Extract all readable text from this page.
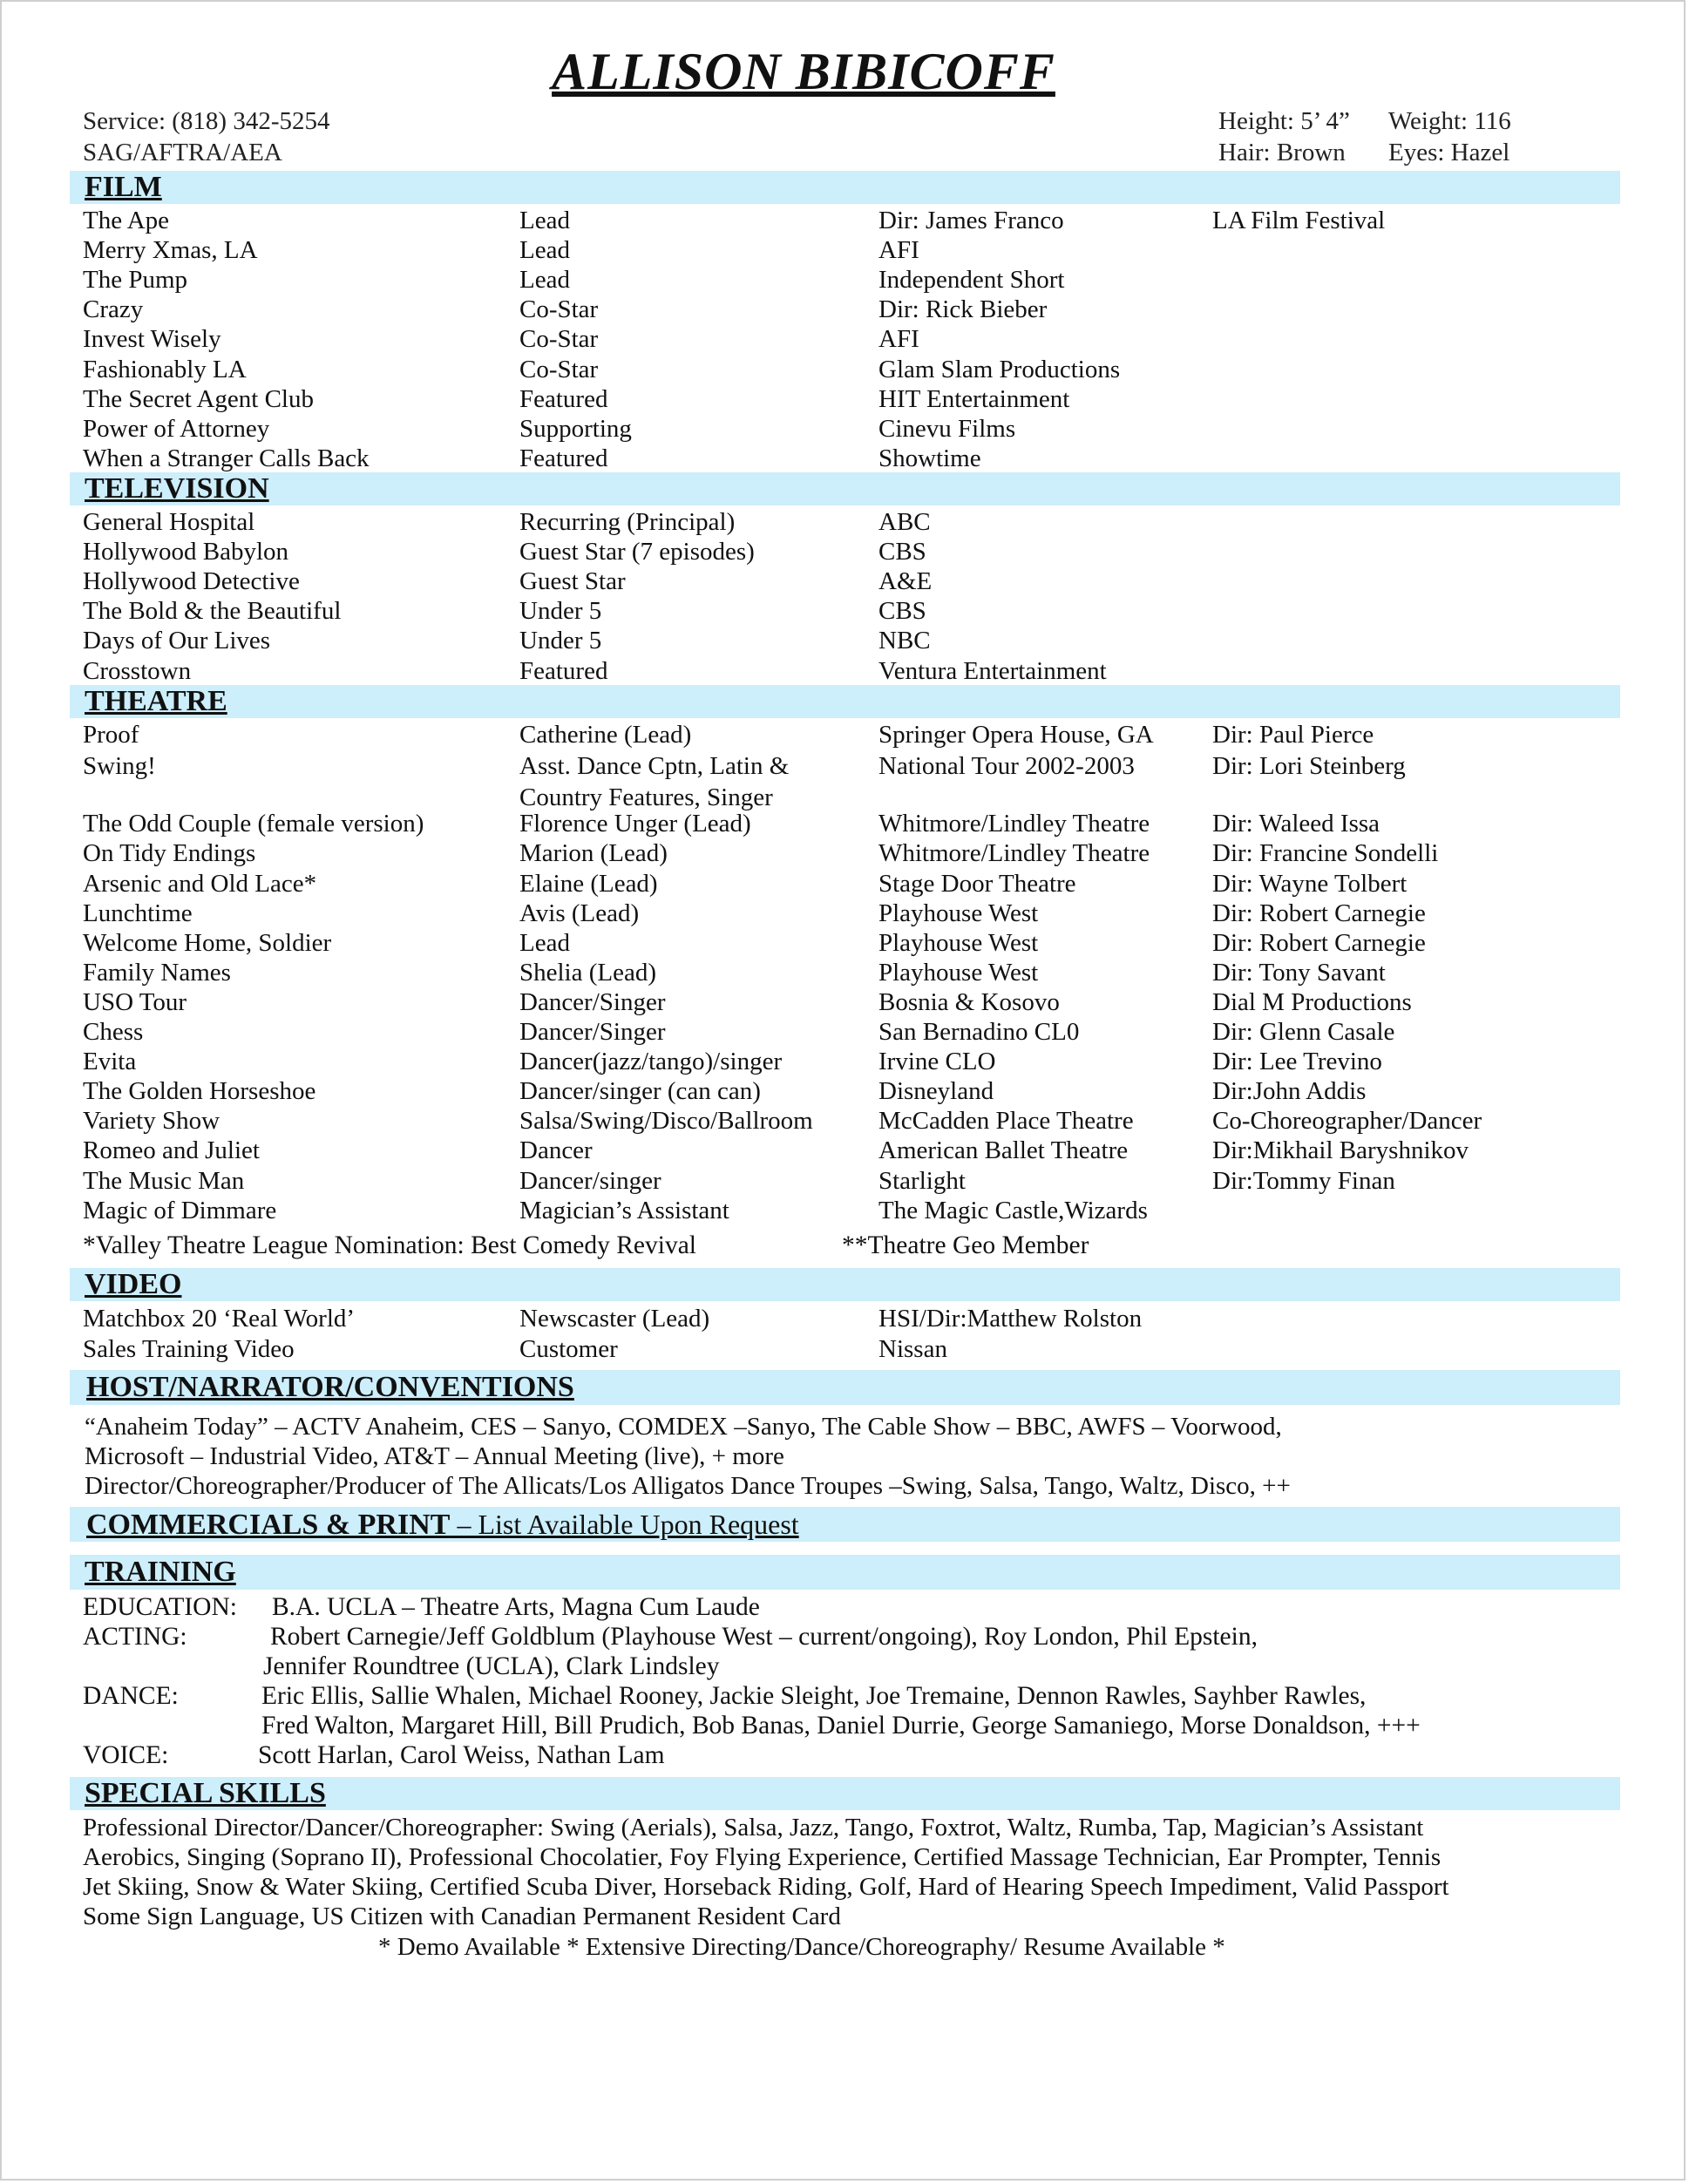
ALLISON BIBICOFF
Service: (818) 342-5254
SAG/AFTRA/AEA
Height: 5’ 4” Weight: 116
Hair: Brown Eyes: Hazel
FILM
The Ape	Lead	Dir: James Franco	LA Film Festival
Merry Xmas, LA	Lead	AFI
The Pump	Lead	Independent Short
Crazy	Co-Star	Dir: Rick Bieber
Invest Wisely	Co-Star	AFI
Fashionably LA	Co-Star	Glam Slam Productions
The Secret Agent Club	Featured	HIT Entertainment
Power of Attorney	Supporting	Cinevu Films
When a Stranger Calls Back	Featured	Showtime
TELEVISION
General Hospital	Recurring (Principal)	ABC
Hollywood Babylon	Guest Star (7 episodes)	CBS
Hollywood Detective	Guest Star	A&E
The Bold & the Beautiful	Under 5	CBS
Days of Our Lives	Under 5	NBC
Crosstown	Featured	Ventura Entertainment
THEATRE
Proof	Catherine (Lead)	Springer Opera House, GA Dir: Paul Pierce
Swing!	Asst. Dance Cptn, Latin &	National Tour 2002-2003	Dir: Lori Steinberg
Country Features, Singer
The Odd Couple (female version)	Florence Unger (Lead)	Whitmore/Lindley Theatre Dir: Waleed Issa
On Tidy Endings	Marion (Lead)	Whitmore/Lindley Theatre Dir: Francine Sondelli
Arsenic and Old Lace*	Elaine (Lead)	Stage Door Theatre	Dir: Wayne Tolbert
Lunchtime	Avis (Lead)	Playhouse West	Dir: Robert Carnegie
Welcome Home, Soldier	Lead	Playhouse West	Dir: Robert Carnegie
Family Names	Shelia (Lead)	Playhouse West	Dir: Tony Savant
USO Tour	Dancer/Singer	Bosnia & Kosovo	Dial M Productions
Chess	Dancer/Singer	San Bernadino CL0	Dir: Glenn Casale
Evita	Dancer(jazz/tango)/singer	Irvine CLO	Dir: Lee Trevino
The Golden Horseshoe	Dancer/singer (can can)	Disneyland	Dir:John Addis
Variety Show	Salsa/Swing/Disco/Ballroom	McCadden Place Theatre	Co-Choreographer/Dancer
Romeo and Juliet	Dancer	American Ballet Theatre	Dir:Mikhail Baryshnikov
The Music Man	Dancer/singer	Starlight	Dir:Tommy Finan
Magic of Dimmare	Magician’s Assistant	The Magic Castle,Wizards
*Valley Theatre League Nomination: Best Comedy Revival	**Theatre Geo Member
VIDEO
Matchbox 20 ‘Real World’	Newscaster (Lead)	HSI/Dir:Matthew Rolston
Sales Training Video	Customer	Nissan
HOST/NARRATOR/CONVENTIONS
“Anaheim Today” – ACTV Anaheim, CES – Sanyo, COMDEX –Sanyo, The Cable Show – BBC, AWFS – Voorwood,
Microsoft – Industrial Video, AT&T – Annual Meeting (live), + more
Director/Choreographer/Producer of The Allicats/Los Alligatos Dance Troupes –Swing, Salsa, Tango, Waltz, Disco, ++
COMMERCIALS & PRINT – List Available Upon Request
TRAINING
EDUCATION: B.A. UCLA – Theatre Arts, Magna Cum Laude
ACTING:	Robert Carnegie/Jeff Goldblum (Playhouse West – current/ongoing), Roy London, Phil Epstein,
Jennifer Roundtree (UCLA), Clark Lindsley
DANCE:	Eric Ellis, Sallie Whalen, Michael Rooney, Jackie Sleight, Joe Tremaine, Dennon Rawles, Sayhber Rawles,
Fred Walton, Margaret Hill, Bill Prudich, Bob Banas, Daniel Durrie, George Samaniego, Morse Donaldson, +++
VOICE:	Scott Harlan, Carol Weiss, Nathan Lam
SPECIAL SKILLS
Professional Director/Dancer/Choreographer: Swing (Aerials), Salsa, Jazz, Tango, Foxtrot, Waltz, Rumba, Tap, Magician’s Assistant
Aerobics, Singing (Soprano II), Professional Chocolatier, Foy Flying Experience, Certified Massage Technician, Ear Prompter, Tennis
Jet Skiing, Snow & Water Skiing, Certified Scuba Diver, Horseback Riding, Golf, Hard of Hearing Speech Impediment, Valid Passport
Some Sign Language, US Citizen with Canadian Permanent Resident Card
* Demo Available * Extensive Directing/Dance/Choreography/ Resume Available *
